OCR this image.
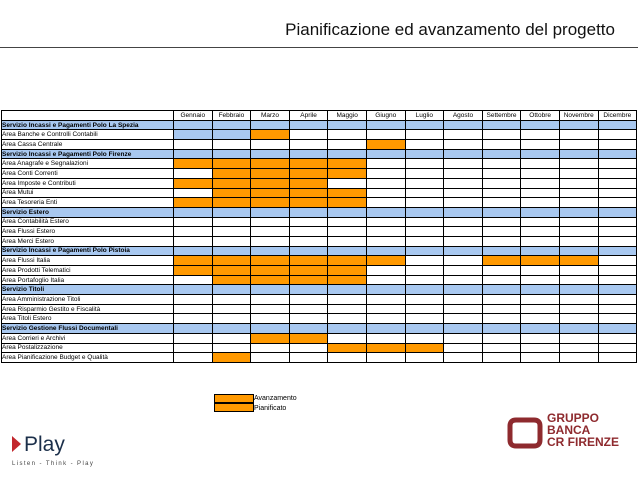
Pianificazione ed avanzamento del progetto
	Gennaio	Febbraio	Marzo	Aprile	Maggio	Giugno	Luglio	Agosto	Settembre	Ottobre	Novembre	Dicembre
Servizio Incassi e Pagamenti Polo La Spezia												
Area Banche e Controlli Contabili												
Area Cassa Centrale												
Servizio Incassi e Pagamenti Polo Firenze												
Area Anagrafe e Segnalazioni												
Area Conti Correnti												
Area Imposte e Contributi												
Area Mutui												
Area Tesoreria Enti												
Servizio Estero												
Area Contabilità Estero												
Area Flussi Estero												
Area Merci Estero												
Servizio Incassi e Pagamenti Polo Pistoia												
Area Flussi Italia												
Area Prodotti Telematici												
Area Portafoglio Italia												
Servizio Titoli												
Area Amministrazione Titoli												
Area Risparmio Gestito e Fiscalità												
Area Titoli Estero												
Servizio Gestione Flussi Documentali												
Area Corrieri e Archivi												
Area Postalizzazione												
Area Pianificazione Budget e Qualità												
Avanzamento
Pianificato
Play
Listen - Think - Play
GRUPPO
BANCA
CR FIRENZE
